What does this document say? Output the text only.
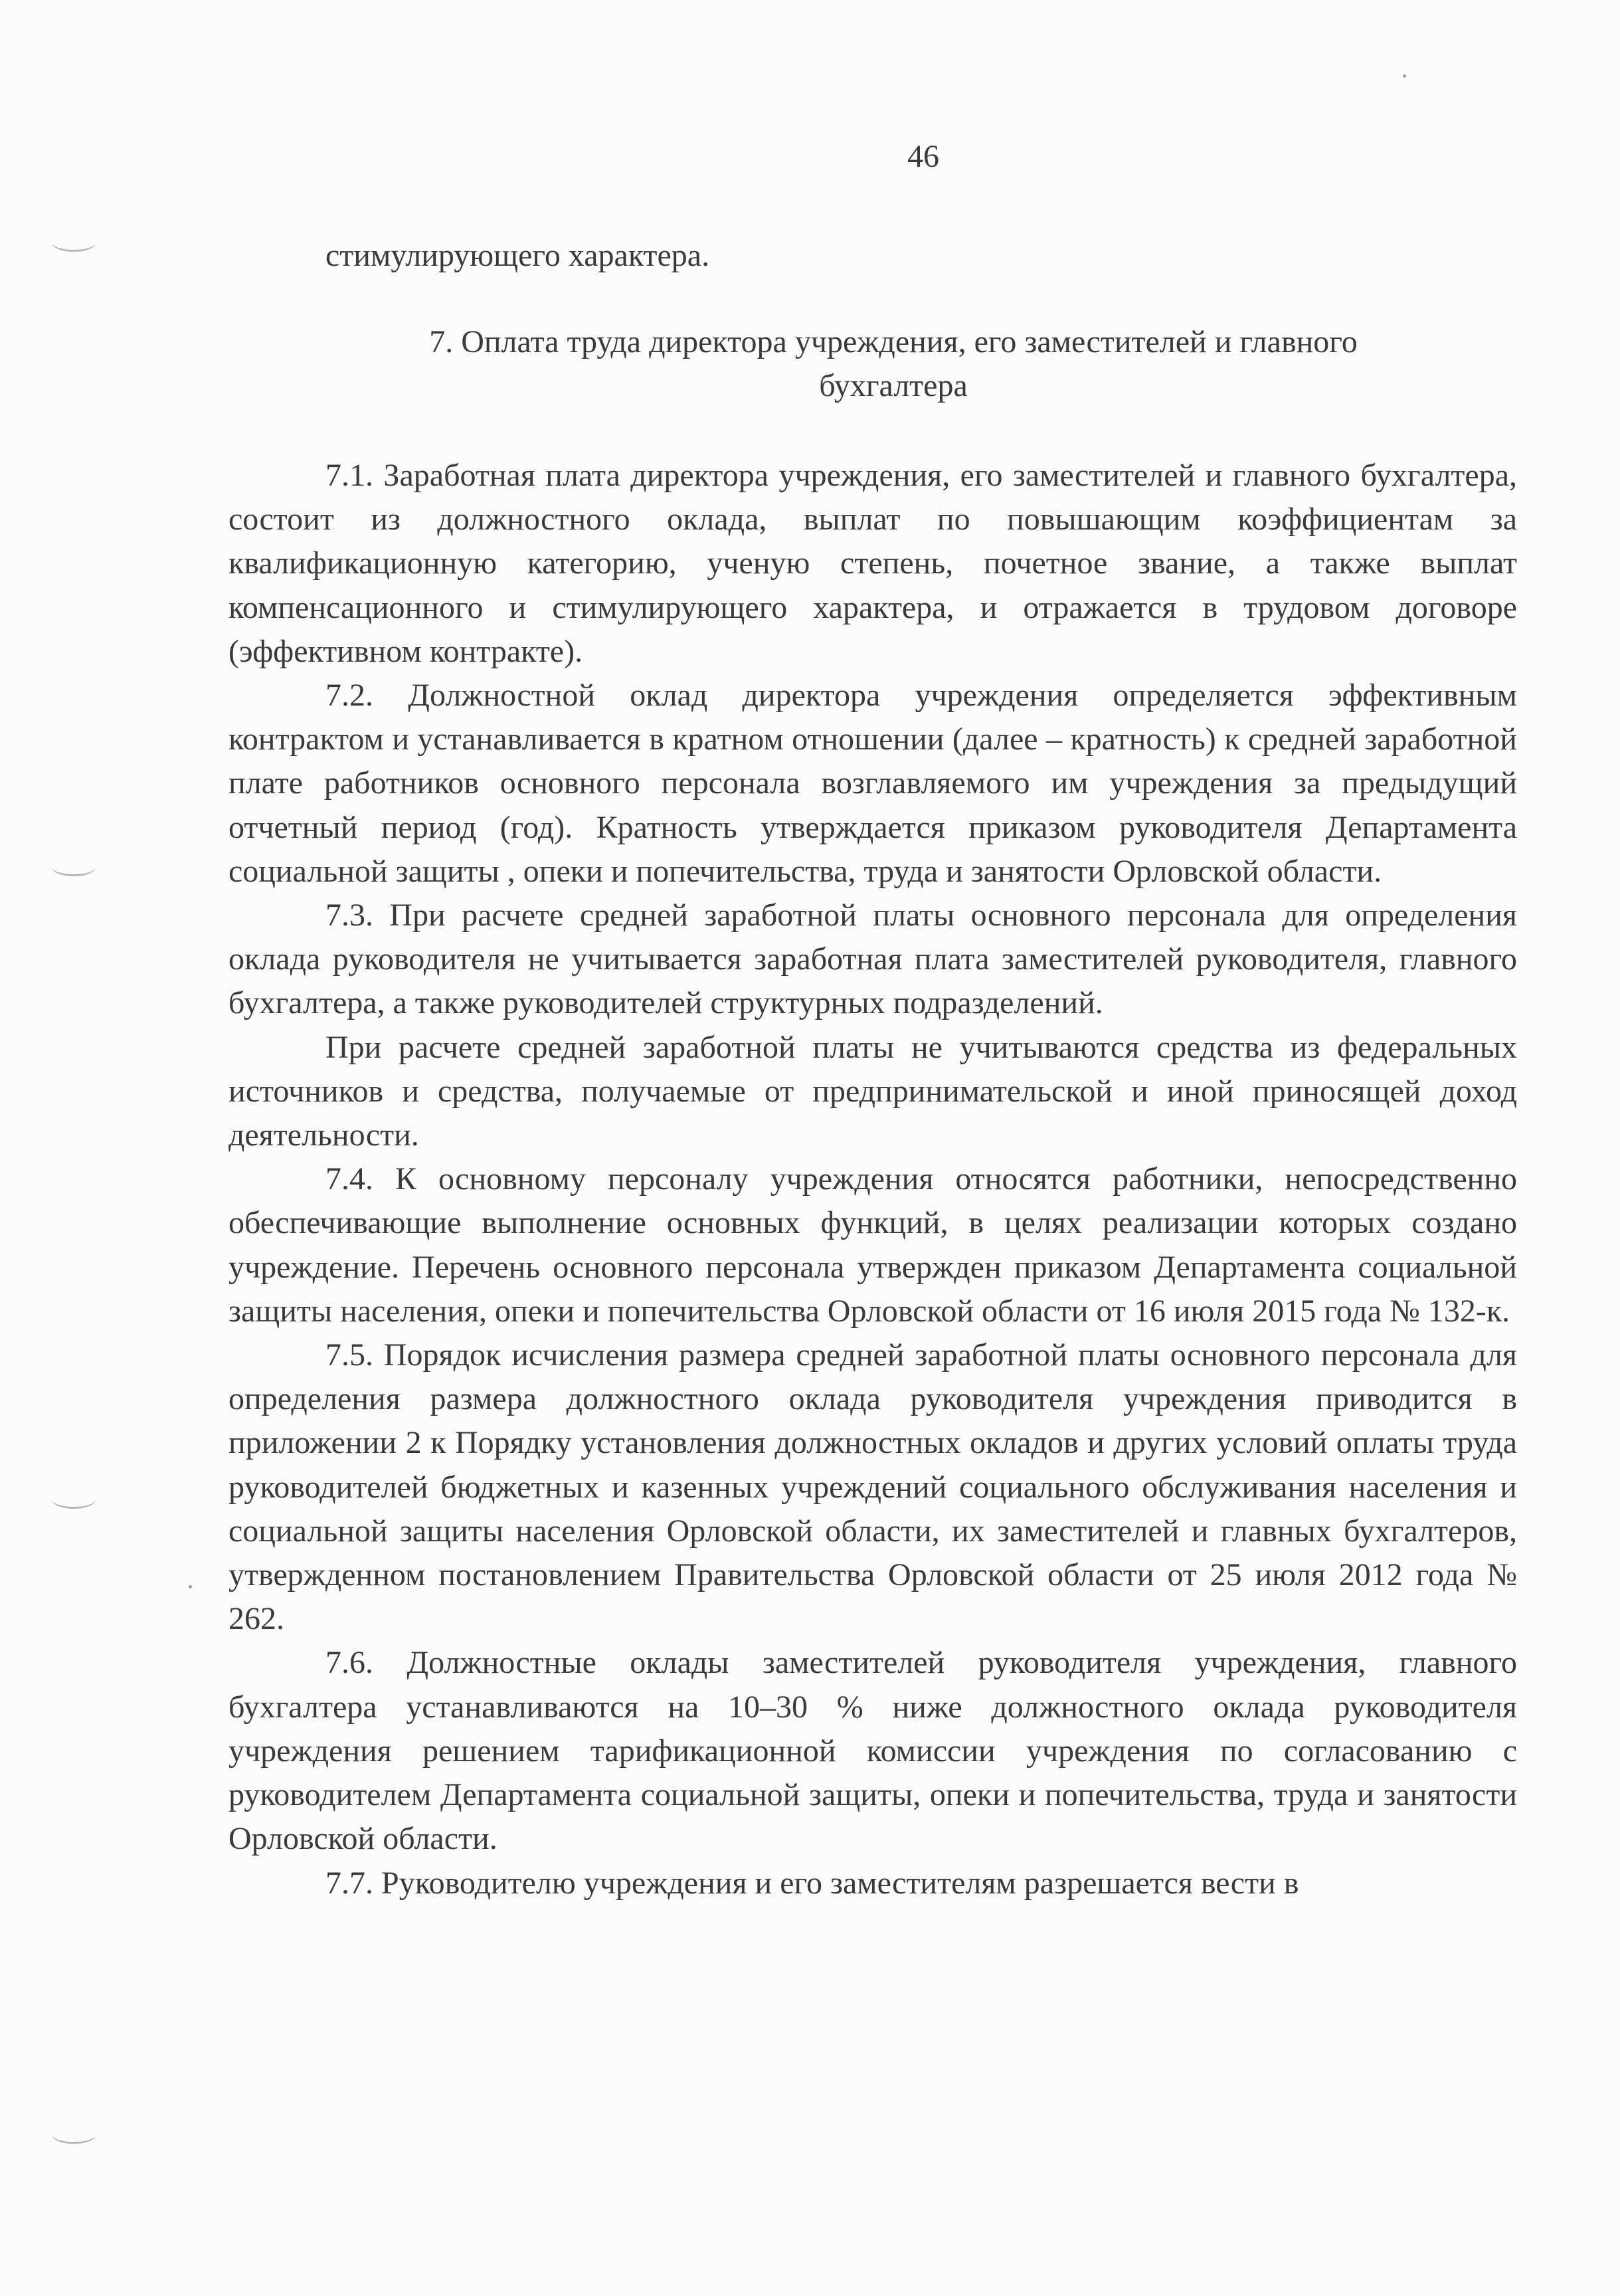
46
стимулирующего характера.
7. Оплата труда директора учреждения, его заместителей и главного
бухгалтера

7.1. Заработная плата директора учреждения, его заместителей и главного бухгалтера, состоит из должностного оклада, выплат по повышающим коэффициентам за квалификационную категорию, ученую степень, почетное звание, а также выплат компенсационного и стимулирующего характера, и отражается в трудовом договоре (эффективном контракте).

7.2. Должностной оклад директора учреждения определяется эффективным контрактом и устанавливается в кратном отношении (далее – кратность) к средней заработной плате работников основного персонала возглавляемого им учреждения за предыдущий отчетный период (год). Кратность утверждается приказом руководителя Департамента социальной защиты , опеки и попечительства, труда и занятости Орловской области.

7.3. При расчете средней заработной платы основного персонала для определения оклада руководителя не учитывается заработная плата заместителей руководителя, главного бухгалтера, а также руководителей структурных подразделений.

При расчете средней заработной платы не учитываются средства из федеральных источников и средства, получаемые от предпринимательской и иной приносящей доход деятельности.

7.4. К основному персоналу учреждения относятся работники, непосредственно обеспечивающие выполнение основных функций, в целях реализации которых создано учреждение. Перечень основного персонала утвержден приказом Департамента социальной защиты населения, опеки и попечительства Орловской области от 16 июля 2015 года № 132-к.

7.5. Порядок исчисления размера средней заработной платы основного персонала для определения размера должностного оклада руководителя учреждения приводится в приложении 2 к Порядку установления должностных окладов и других условий оплаты труда руководителей бюджетных и казенных учреждений социального обслуживания населения и социальной защиты населения Орловской области, их заместителей и главных бухгалтеров, утвержденном постановлением Правительства Орловской области от 25 июля 2012 года № 262.

7.6. Должностные оклады заместителей руководителя учреждения, главного бухгалтера устанавливаются на 10–30 % ниже должностного оклада руководителя учреждения решением тарификационной комиссии учреждения по согласованию с руководителем Департамента социальной защиты, опеки и попечительства, труда и занятости Орловской области.

7.7. Руководителю учреждения и его заместителям разрешается вести в
